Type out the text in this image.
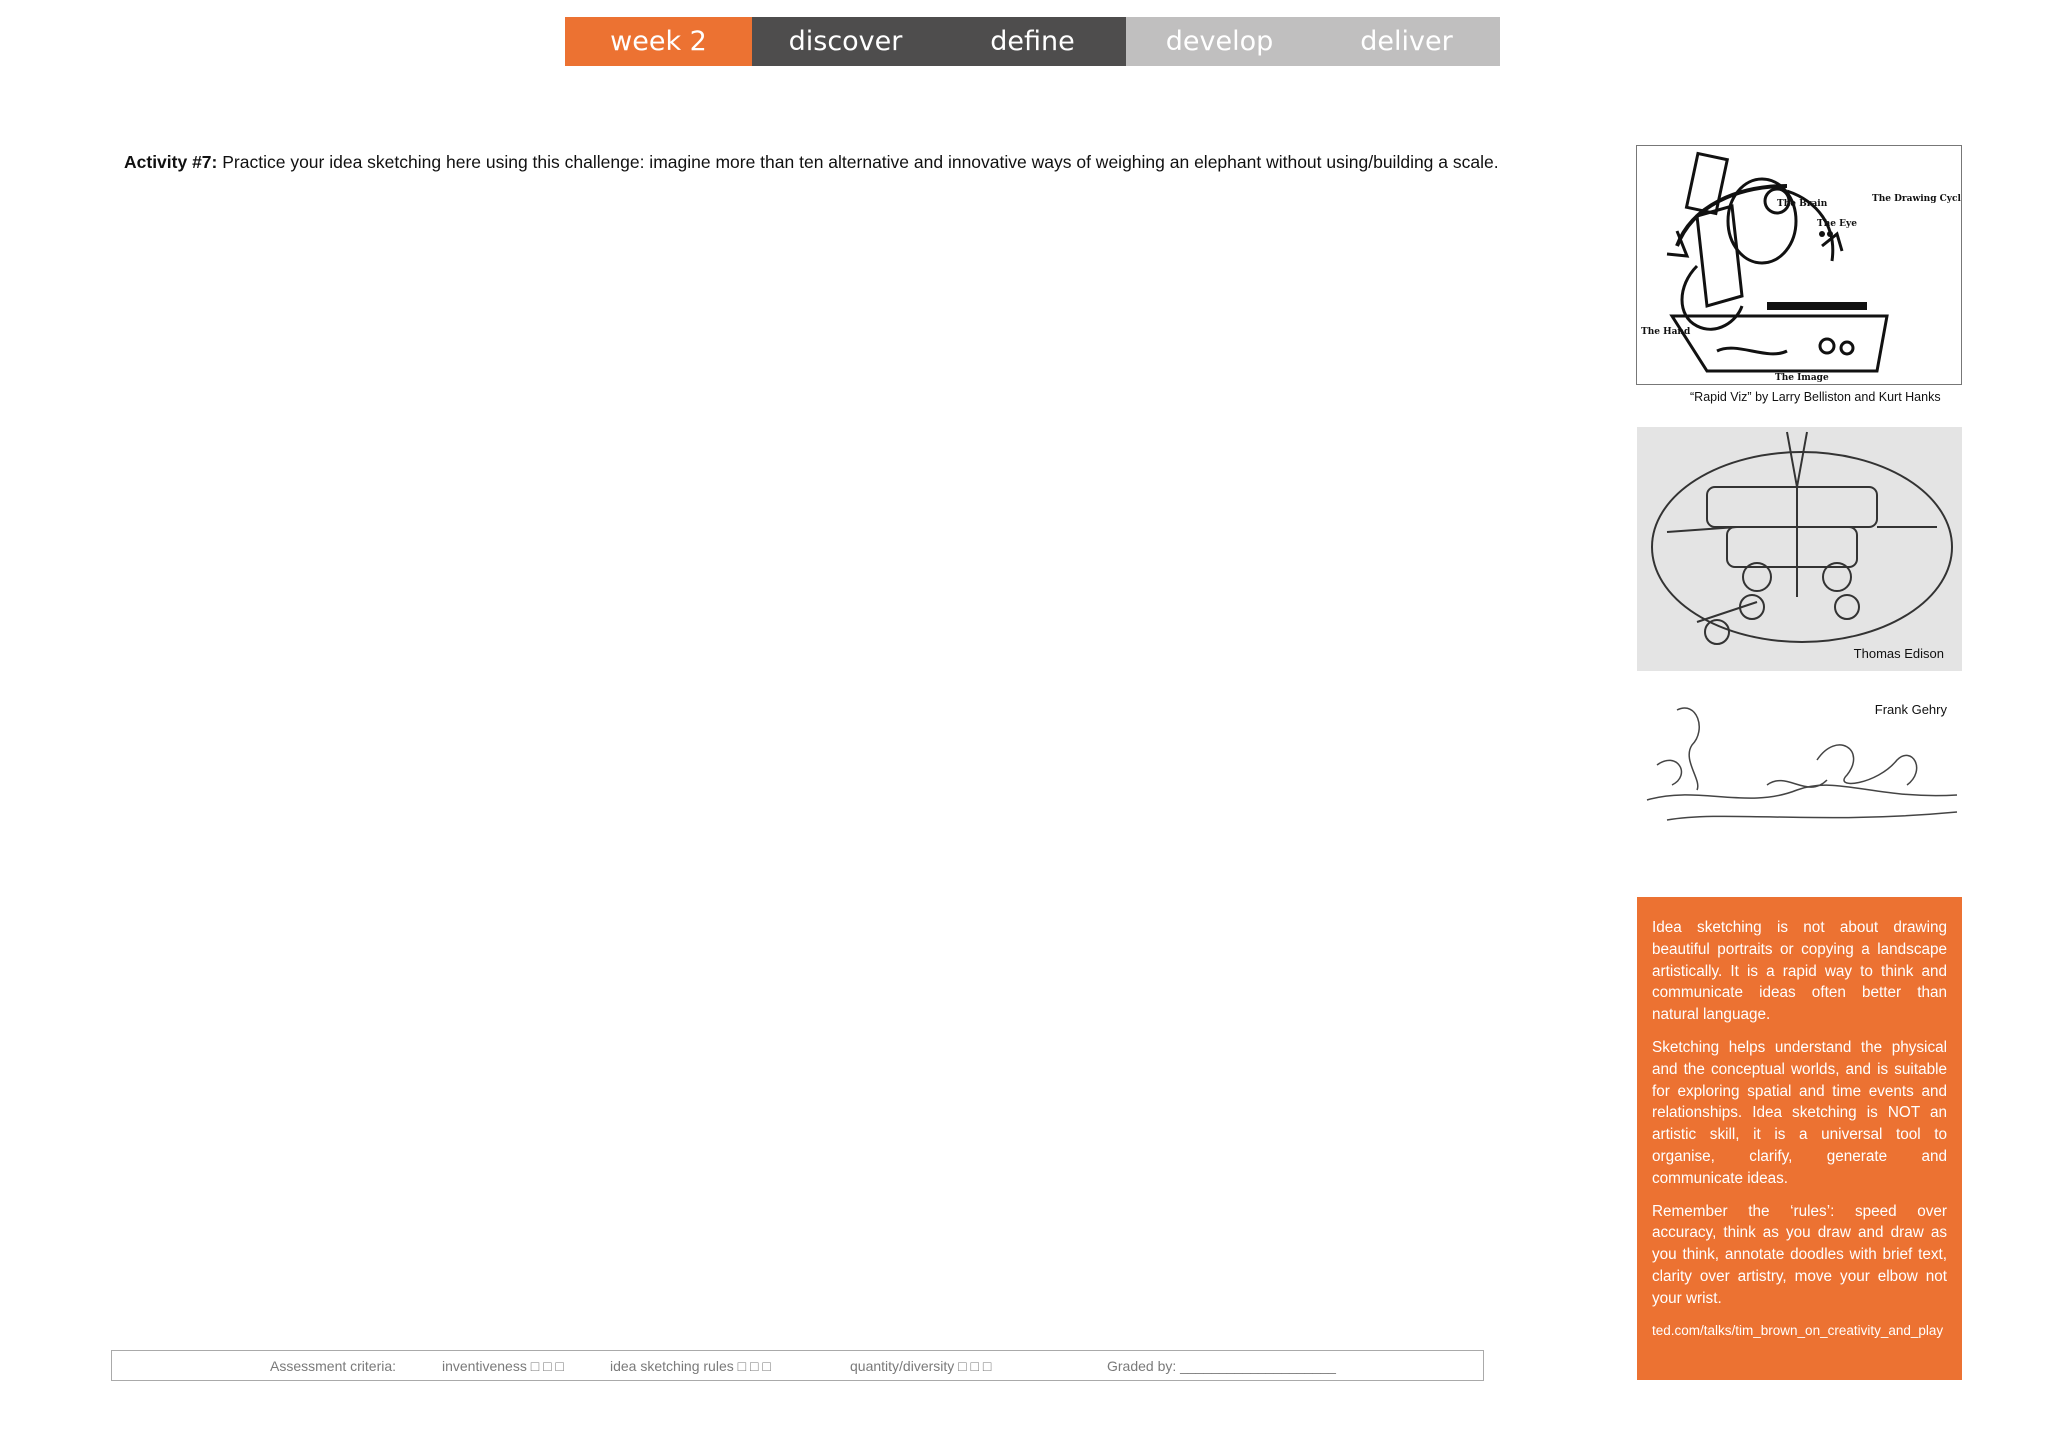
week 2	discover	define	develop	deliver
Activity #7: Practice your idea sketching here using this challenge: imagine more than ten alternative and innovative ways of weighing an elephant without using/building a scale.
The Drawing Cycle
The Brain
The Eye
The Hand
The Image
“Rapid Viz” by Larry Belliston and Kurt Hanks
Thomas Edison
Frank Gehry

Idea sketching is not about drawing beautiful portraits or copying a landscape artistically. It is a rapid way to think and communicate ideas often better than natural language.

Sketching helps understand the physical and the conceptual worlds, and is suitable for exploring spatial and time events and relationships. Idea sketching is NOT an artistic skill, it is a universal tool to organise, clarify, generate and communicate ideas.

Remember the ‘rules’: speed over accuracy, think as you draw and draw as you think, annotate doodles with brief text, clarity over artistry, move your elbow not your wrist.

ted.com/talks/tim_brown_on_creativity_and_play
Assessment criteria:	inventiveness □ □ □	idea sketching rules □ □ □	quantity/diversity □ □ □	Graded by: ____________________
